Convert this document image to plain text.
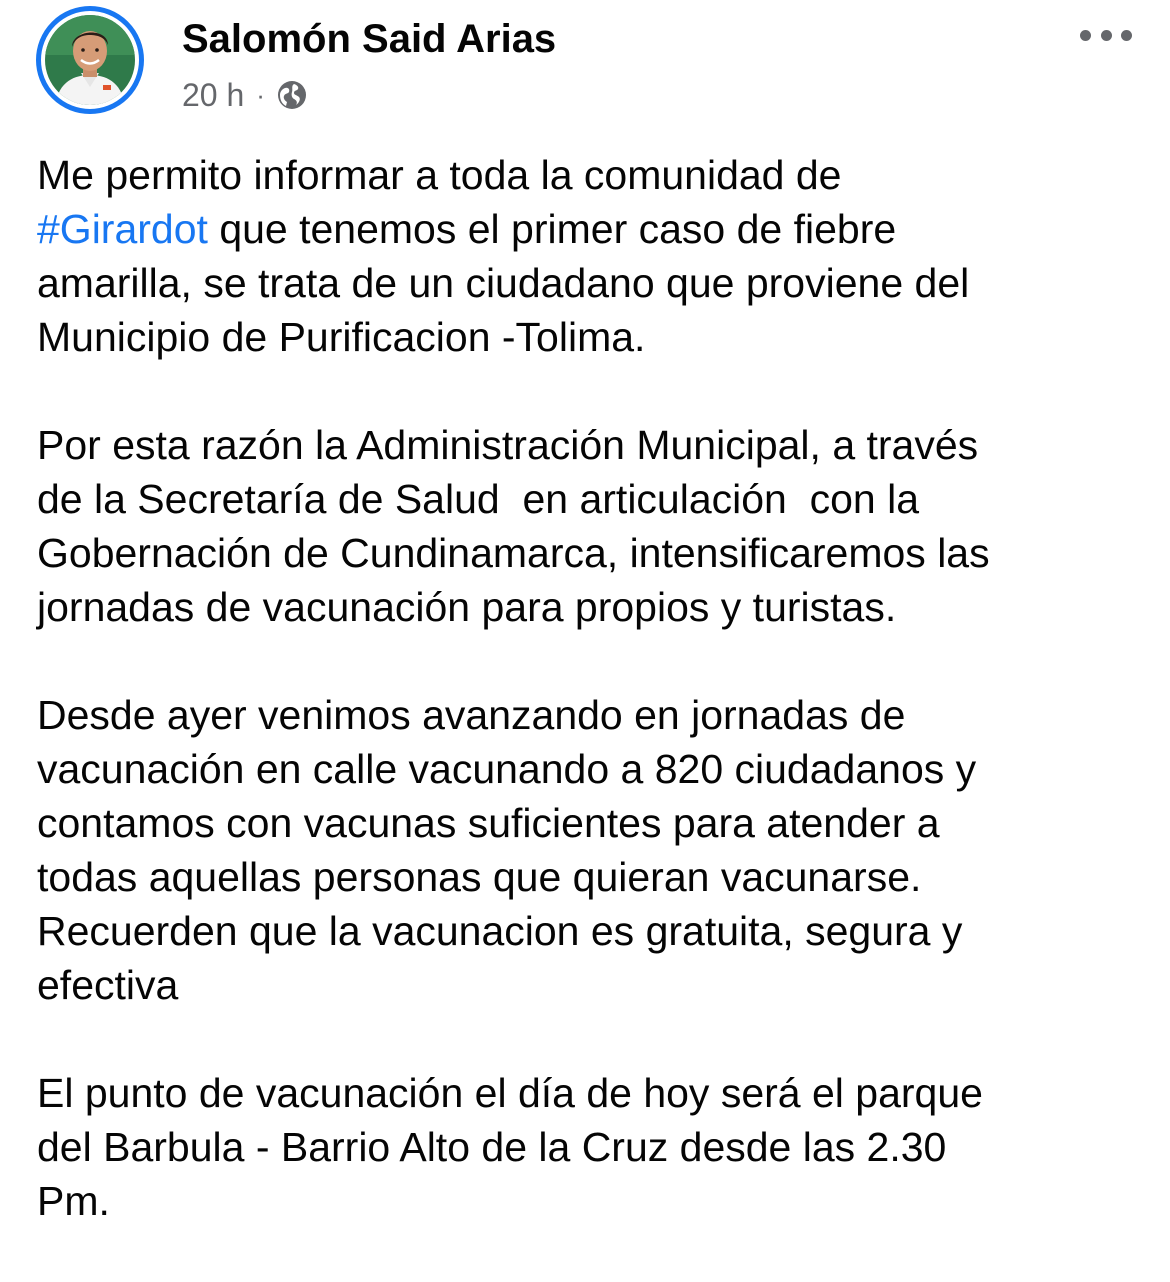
Salomón Said Arias
20 h ·

Me permito informar a toda la comunidad de
#Girardot que tenemos el primer caso de fiebre
amarilla, se trata de un ciudadano que proviene del
Municipio de Purificacion -Tolima.

Por esta razón la Administración Municipal, a través
de la Secretaría de Salud  en articulación  con la
Gobernación de Cundinamarca, intensificaremos las
jornadas de vacunación para propios y turistas.

Desde ayer venimos avanzando en jornadas de
vacunación en calle vacunando a 820 ciudadanos y
contamos con vacunas suficientes para atender a
todas aquellas personas que quieran vacunarse.
Recuerden que la vacunacion es gratuita, segura y
efectiva

El punto de vacunación el día de hoy será el parque
del Barbula - Barrio Alto de la Cruz desde las 2.30
Pm.
